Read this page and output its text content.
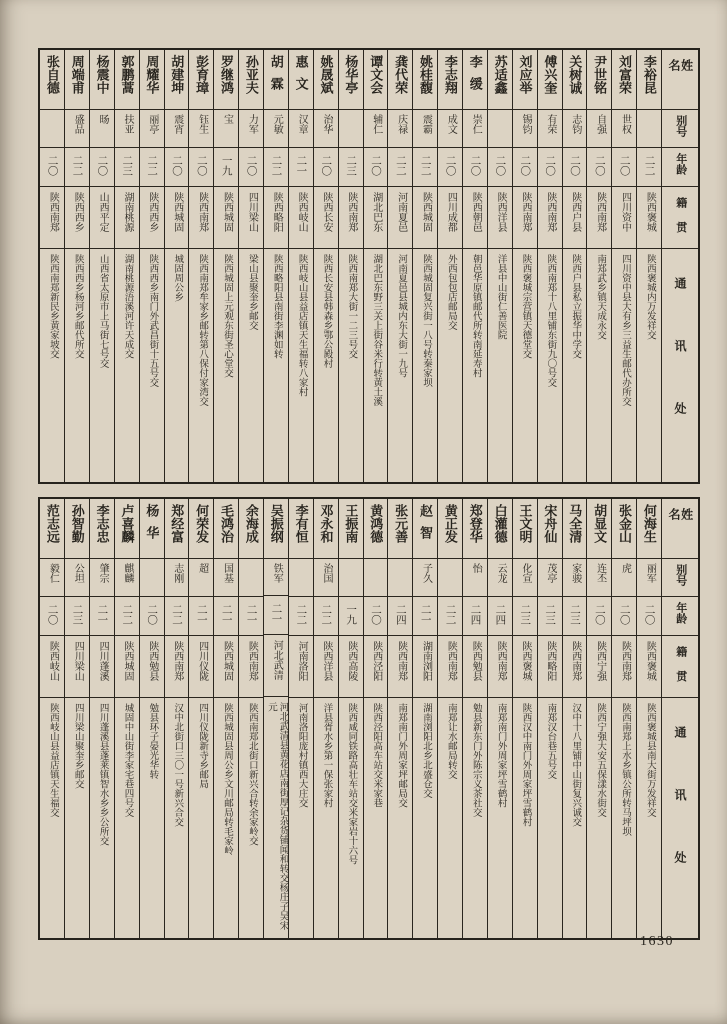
姓名
别号
年龄
籍贯
通讯处
李裕昆
二二
陕西褒城
陕西褒城内万发祥交
刘富荣
世权
二〇
四川资中
四川资中县大有乡三益生邮代办所交
尹世铭
自强
二〇
陕西南郑
南郑武乡镇天成永交
关树诚
志钧
二〇
陕西户县
陕西户县私立振华中学交
傅兴奎
有荣
二〇
陕西南郑
陕西南郑十八里铺东街九〇号交
刘应举
锡钧
二〇
陕西南郑
陕西褒城宗营镇天德堂交
苏适鑫
二〇
陕西洋县
洋县中山街仁善医院
李缓
崇仁
二〇
陕西朝邑
朝邑华原镇邮代所转南延寿村
李志翔
成文
二〇
四川成都
外西包包店邮局交
姚桂馥
震霸
二二
陕西城固
陕西城固复兴街一八号转秦家坝
龚代荣
庆禄
二二
河南夏邑
河南夏邑县城内东大街一九号
谭文会
辅仁
二〇
湖北巴东
湖北巴东野三关上街谷米行转黄土溪
杨华亭
二三
陕西南郑
陕西南郑大街一二三号交
姚晟斌
治华
二〇
陕西长安
陕西长安县韩森乡鄂公殿村
惠文
汉章
二一
陕西岐山
陕西岐山县益店镇天生福转八家村
胡霖
元敏
二二
陕西略阳
陕西略阳县南街李渊如转
孙亚夫
力军
二〇
四川梁山
梁山县聚奎乡邮交
罗继鸿
宝
一九
陕西城固
陕西城固上元观东街圣心堂交
彭育璋
钰生
二〇
陕西南郑
陕西南郑牟家乡邮转第八保付家湾交
胡建坤
震宵
二〇
陕西城固
城固周公乡
周耀华
丽亭
二二
陕西西乡
陕西西乡南门外武昌街十五号交
郭鹏蒿
扶亚
二三
湖南桃源
湖南桃源浯溪河许天成交
杨震中
旸
二〇
山西平定
山西省太原市上马街七号交
周端甫
盛品
二二
陕西西乡
陕西西乡杨河乡邮代所交
张自德
二〇
陕西南郑
陕西南郑新民乡黄家坡交
姓名
别号
年龄
籍贯
通讯处
何海生
丽军
二〇
陕西褒城
陕西褒城县南大街万发祥交
张金山
虎
二〇
陕西南郑
陕西南郑上水乡镇公所转马坪坝
胡显文
连丕
二〇
陕西宁强
陕西宁强大安五保漾水街交
马全清
家骏
二三
陕西南郑
汉中十八里铺中山街复兴诚交
宋舟仙
茂亭
二三
陕西略阳
南郑汉台巷五号交
王文明
化宣
二三
陕西褒城
陕西汉中南门外周家坪雪鹤村
白灌德
云龙
二四
陕西南郑
南郑南门外周家坪雪鹤村
郑登华
怡
二四
陕西勉县
勉县新东门外陈宗义茶社交
黄正发
二二
陕西南郑
南郑让水邮局转交
赵智
子久
二一
湖南浏阳
湖南浏阳北乡北盛仓交
张元善
二四
陕西南郑
南郑南门外周家坪邮局交
黄鸿德
二〇
陕西泾阳
陕西泾阳高车站交米家巷
王振南
一九
陕西高陵
陕西咸同铁路高壮车站交米家岩十六号
邓永和
治国
二二
陕西洋县
洋县胥水乡第一保张家村
李有恒
二二
河南洛阳
河南洛阳庞村镇西大庄交
吴振纲
铁军
二一
河北武清
河北武清县黄花店南街厚记杂货铺闻和转交杨庄子吴宋元
余海成
二一
陕西南郑
陕西南郑北街口新兴合转余家岭交
毛鸿治
国基
二一
陕西城固
陕西城固县周公乡文川邮局转毛家岭
何荣发
超
二一
四川仪陇
四川仪陇新寺乡邮局
郑经富
志刚
二二
陕西南郑
汉中北街口三〇一号新兴合交
杨华
二〇
陕西勉县
勉县环子晏光华转
卢喜麟
麒麟
二二
陕西城固
城固中山街李家宅巷四号交
李志忠
肇宗
二一
四川蓬溪
四川蓬溪县蓬莱镇智水乡乡公所交
孙智勤
公坦
二三
四川梁山
四川梁山聚奎乡邮交
范志远
毅仁
二〇
陕西岐山
陕西岐山县益店镇天生福交
1630
